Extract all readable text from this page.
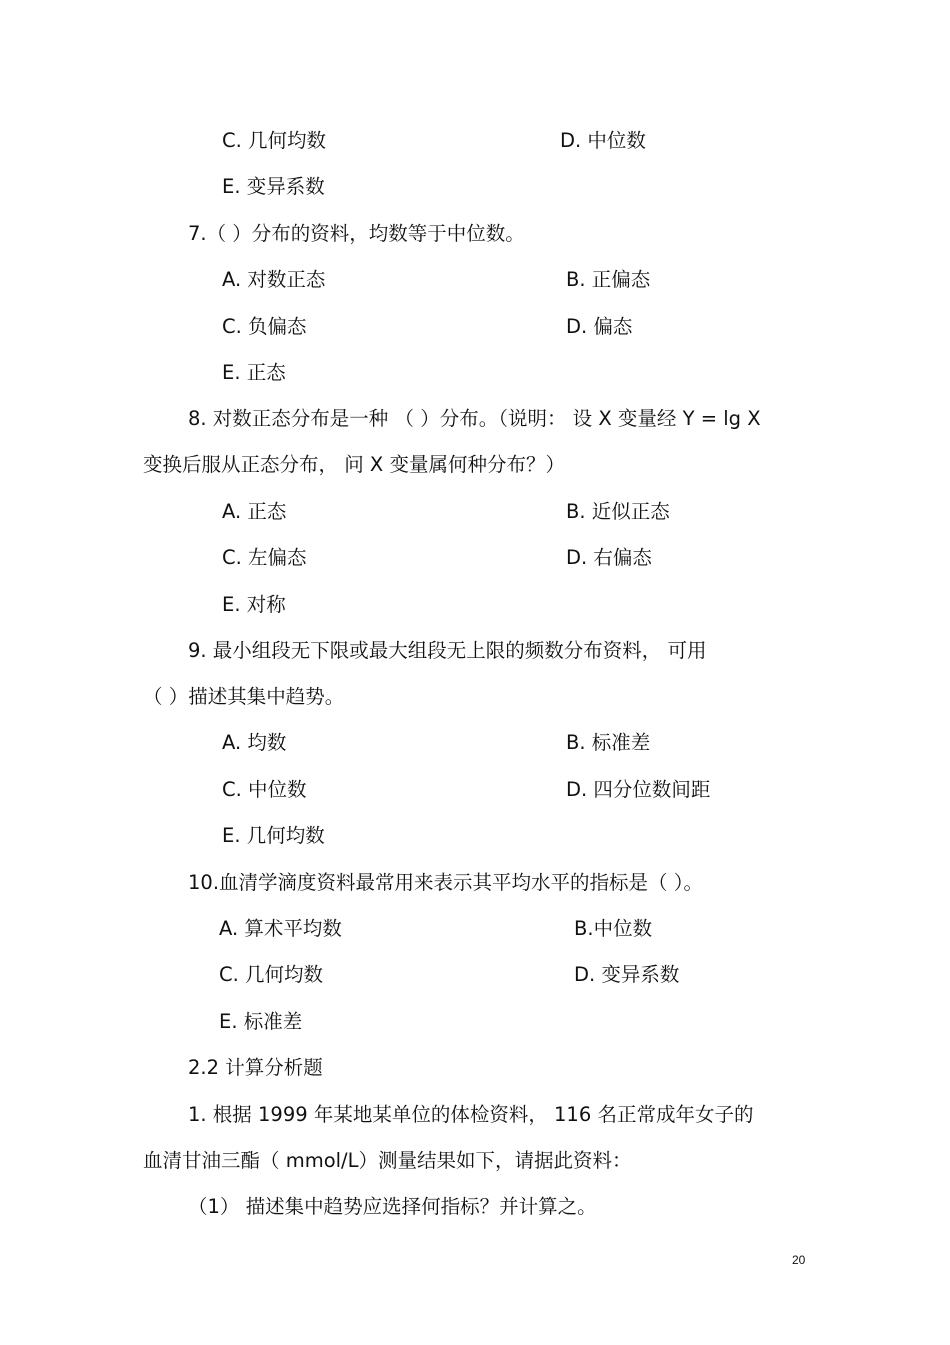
C. 几何均数	D. 中位数
E. 变异系数
7.（ ）分布的资料，均数等于中位数。
A. 对数正态	B. 正偏态
C. 负偏态	D. 偏态
E. 正态
8. 对数正态分布是一种 （ ）分布。（说明： 设 X 变量经 Y = lg X
变换后服从正态分布， 问 X 变量属何种分布？）
A. 正态	B. 近似正态
C. 左偏态	D. 右偏态
E. 对称
9. 最小组段无下限或最大组段无上限的频数分布资料， 可用
（ ）描述其集中趋势。
A. 均数	B. 标准差
C. 中位数	D. 四分位数间距
E. 几何均数
10.血清学滴度资料最常用来表示其平均水平的指标是（ ）。
A. 算术平均数	B.中位数
C. 几何均数	D. 变异系数
E. 标准差
2.2 计算分析题
1. 根据 1999 年某地某单位的体检资料， 116 名正常成年女子的
血清甘油三酯（ mmol/L）测量结果如下，请据此资料：
（1） 描述集中趋势应选择何指标？并计算之。
20
